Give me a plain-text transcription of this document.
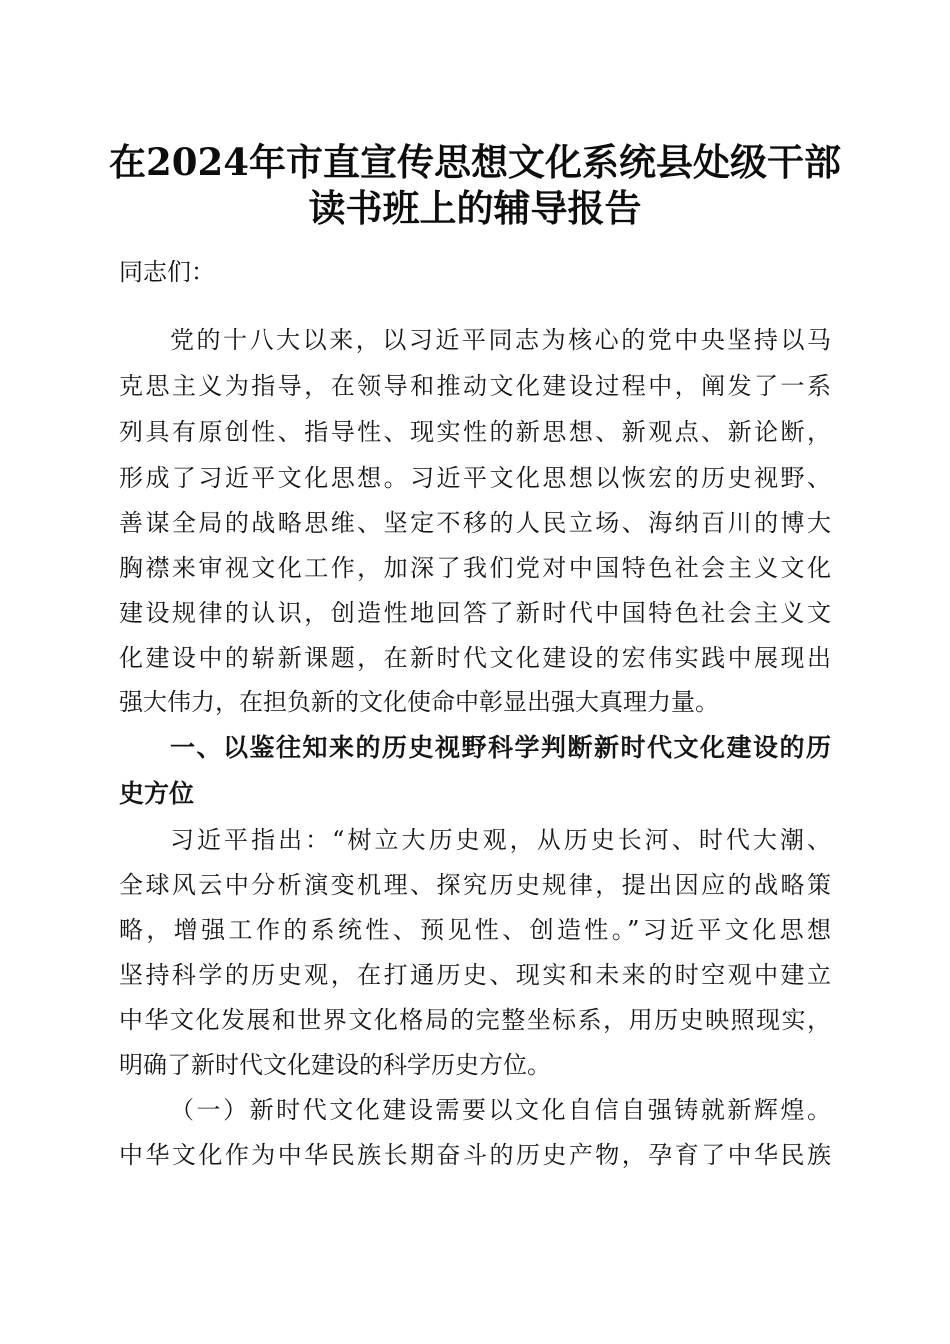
在2024年市直宣传思想文化系统县处级干部
读书班上的辅导报告
同志们：
党的十八大以来，以习近平同志为核心的党中央坚持以马
克思主义为指导，在领导和推动文化建设过程中，阐发了一系
列具有原创性、指导性、现实性的新思想、新观点、新论断，
形成了习近平文化思想。习近平文化思想以恢宏的历史视野、
善谋全局的战略思维、坚定不移的人民立场、海纳百川的博大
胸襟来审视文化工作，加深了我们党对中国特色社会主义文化
建设规律的认识，创造性地回答了新时代中国特色社会主义文
化建设中的崭新课题，在新时代文化建设的宏伟实践中展现出
强大伟力，在担负新的文化使命中彰显出强大真理力量。
一、以鉴往知来的历史视野科学判断新时代文化建设的历
史方位
习近平指出：“树立大历史观，从历史长河、时代大潮、
全球风云中分析演变机理、探究历史规律，提出因应的战略策
略，增强工作的系统性、预见性、创造性。”习近平文化思想
坚持科学的历史观，在打通历史、现实和未来的时空观中建立
中华文化发展和世界文化格局的完整坐标系，用历史映照现实，
明确了新时代文化建设的科学历史方位。
（一）新时代文化建设需要以文化自信自强铸就新辉煌。
中华文化作为中华民族长期奋斗的历史产物，孕育了中华民族
